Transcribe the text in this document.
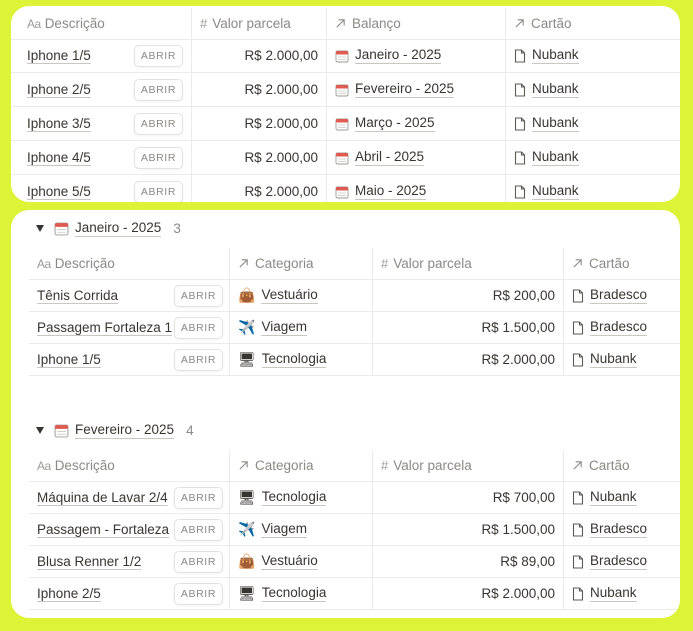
Aa Descrição	# Valor parcela	Balanço	Cartão
Iphone 1/5	ABRIR	R$ 2.000,00	Janeiro - 2025	Nubank
Iphone 2/5	ABRIR	R$ 2.000,00	Fevereiro - 2025	Nubank
Iphone 3/5	ABRIR	R$ 2.000,00	Março - 2025	Nubank
Iphone 4/5	ABRIR	R$ 2.000,00	Abril - 2025	Nubank
Iphone 5/5	ABRIR	R$ 2.000,00	Maio - 2025	Nubank
Janeiro - 2025 3
Aa Descrição	Categoria	# Valor parcela	Cartão
Tênis Corrida	ABRIR	👜 Vestuário	R$ 200,00	Bradesco
Passagem Fortaleza 1 ABRIR	✈️ Viagem	R$ 1.500,00	Bradesco
Iphone 1/5	ABRIR	🖥 Tecnologia	R$ 2.000,00	Nubank
Fevereiro - 2025 4
Aa Descrição	Categoria	# Valor parcela	Cartão
Máquina de Lavar 2/4	ABRIR	🖥 Tecnologia	R$ 700,00	Nubank
Passagem - Fortaleza	ABRIR	✈️ Viagem	R$ 1.500,00	Bradesco
Blusa Renner 1/2	ABRIR	👜 Vestuário	R$ 89,00	Bradesco
Iphone 2/5	ABRIR	🖥 Tecnologia	R$ 2.000,00	Nubank
